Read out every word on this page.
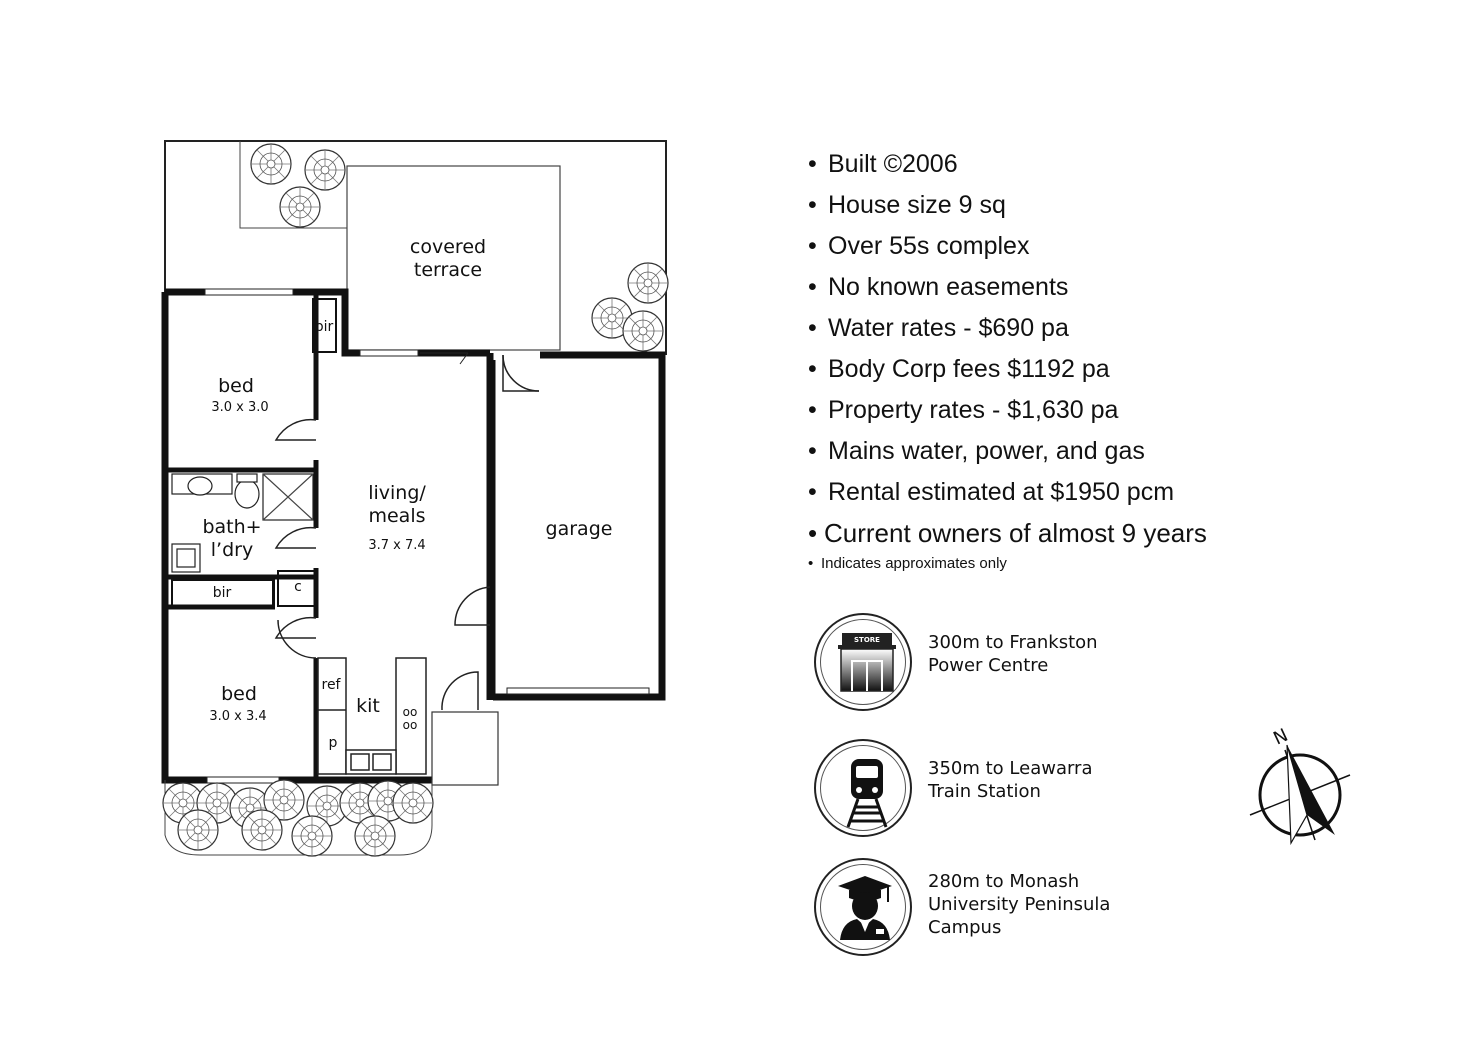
covered
terrace
bir
bed
3.0 x 3.0
living/
meals
3.7 x 7.4
garage
bath+
l’dry
c
bir
bed
3.0 x 3.4
ref
kit
p
oo oo
• Built ©2006
• House size 9 sq
• Over 55s complex
• No known easements
• Water rates - $690 pa
• Body Corp fees $1192 pa
• Property rates - $1,630 pa
• Mains water, power, and gas
• Rental estimated at $1950 pcm
• Current owners of almost 9 years
• Indicates approximates only
STORE	300m to Frankston
Power Centre
350m to Leawarra
Train Station
280m to Monash
University Peninsula
Campus
N
